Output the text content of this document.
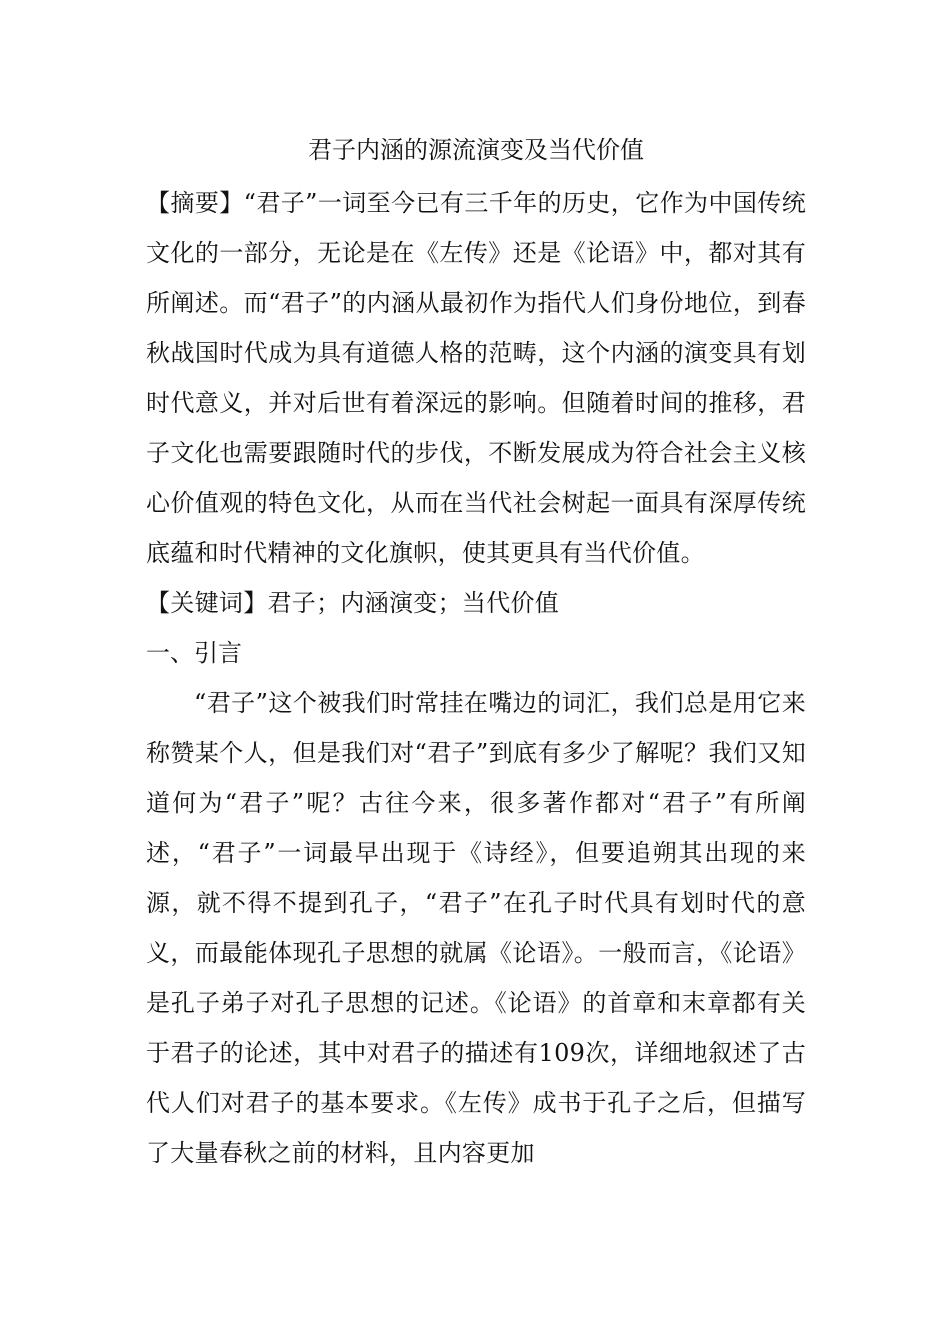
君子内涵的源流演变及当代价值

【摘要】“君子”一词至今已有三千年的历史，它作为中国传统文化的一部分，无论是在《左传》还是《论语》中，都对其有所阐述。而“君子”的内涵从最初作为指代人们身份地位，到春秋战国时代成为具有道德人格的范畴，这个内涵的演变具有划时代意义，并对后世有着深远的影响。但随着时间的推移，君子文化也需要跟随时代的步伐，不断发展成为符合社会主义核心价值观的特色文化，从而在当代社会树起一面具有深厚传统底蕴和时代精神的文化旗帜，使其更具有当代价值。

【关键词】君子；内涵演变；当代价值

一、引言

“君子”这个被我们时常挂在嘴边的词汇，我们总是用它来称赞某个人，但是我们对“君子”到底有多少了解呢？我们又知道何为“君子”呢？古往今来，很多著作都对“君子”有所阐述，“君子”一词最早出现于《诗经》，但要追朔其出现的来源，就不得不提到孔子，“君子”在孔子时代具有划时代的意义，而最能体现孔子思想的就属《论语》。一般而言，《论语》是孔子弟子对孔子思想的记述。《论语》的首章和末章都有关于君子的论述，其中对君子的描述有109次，详细地叙述了古代人们对君子的基本要求。《左传》成书于孔子之后，但描写了大量春秋之前的材料，且内容更加
